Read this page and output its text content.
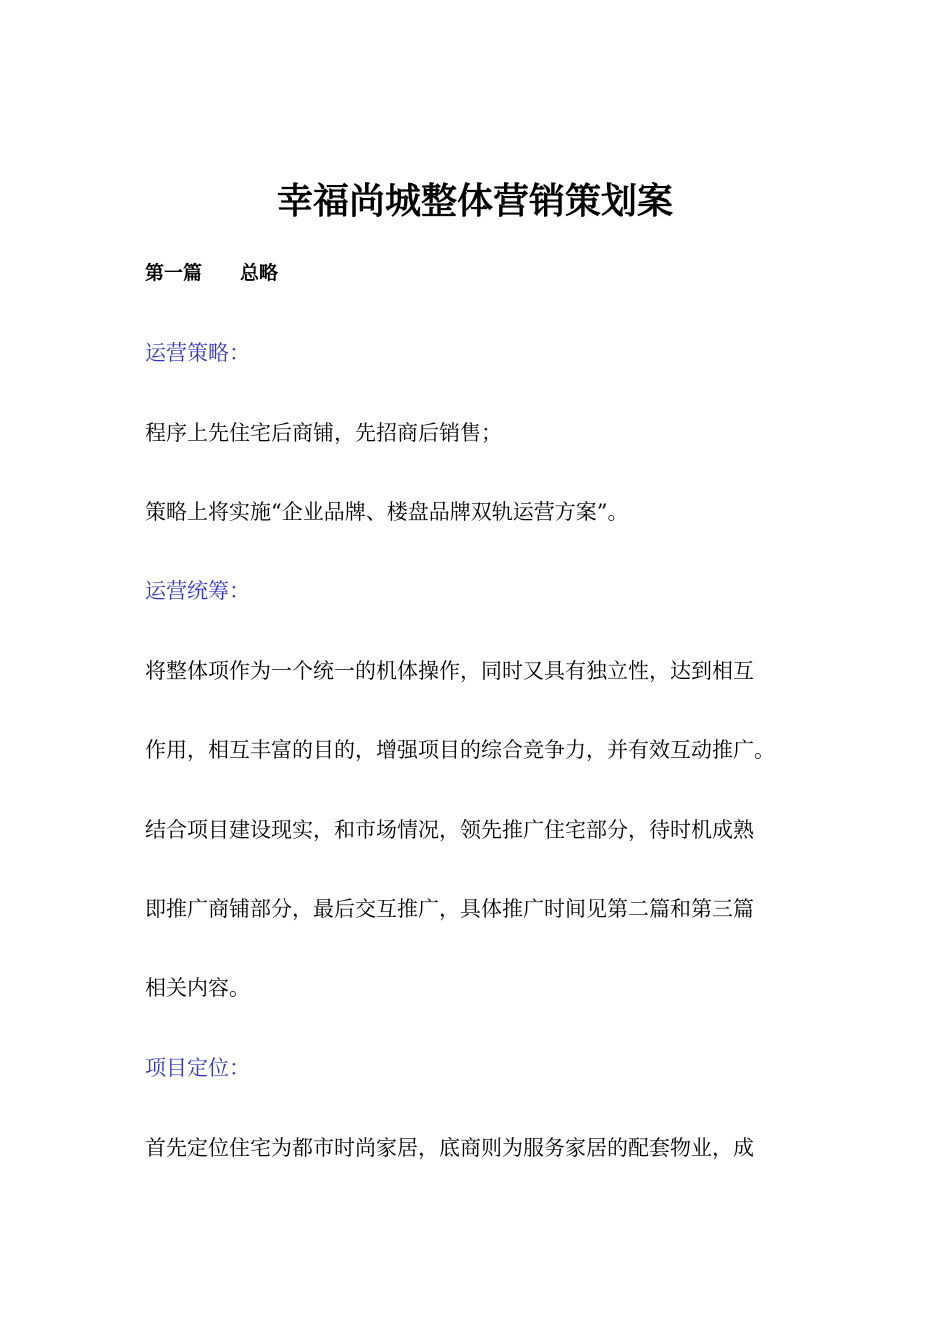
幸福尚城整体营销策划案
第一篇 总略
运营策略：
程序上先住宅后商铺，先招商后销售；
策略上将实施“企业品牌、楼盘品牌双轨运营方案”。
运营统筹：
将整体项作为一个统一的机体操作，同时又具有独立性，达到相互
作用，相互丰富的目的，增强项目的综合竞争力，并有效互动推广。
结合项目建设现实，和市场情况，领先推广住宅部分，待时机成熟
即推广商铺部分，最后交互推广，具体推广时间见第二篇和第三篇
相关内容。
项目定位：
首先定位住宅为都市时尚家居，底商则为服务家居的配套物业，成
